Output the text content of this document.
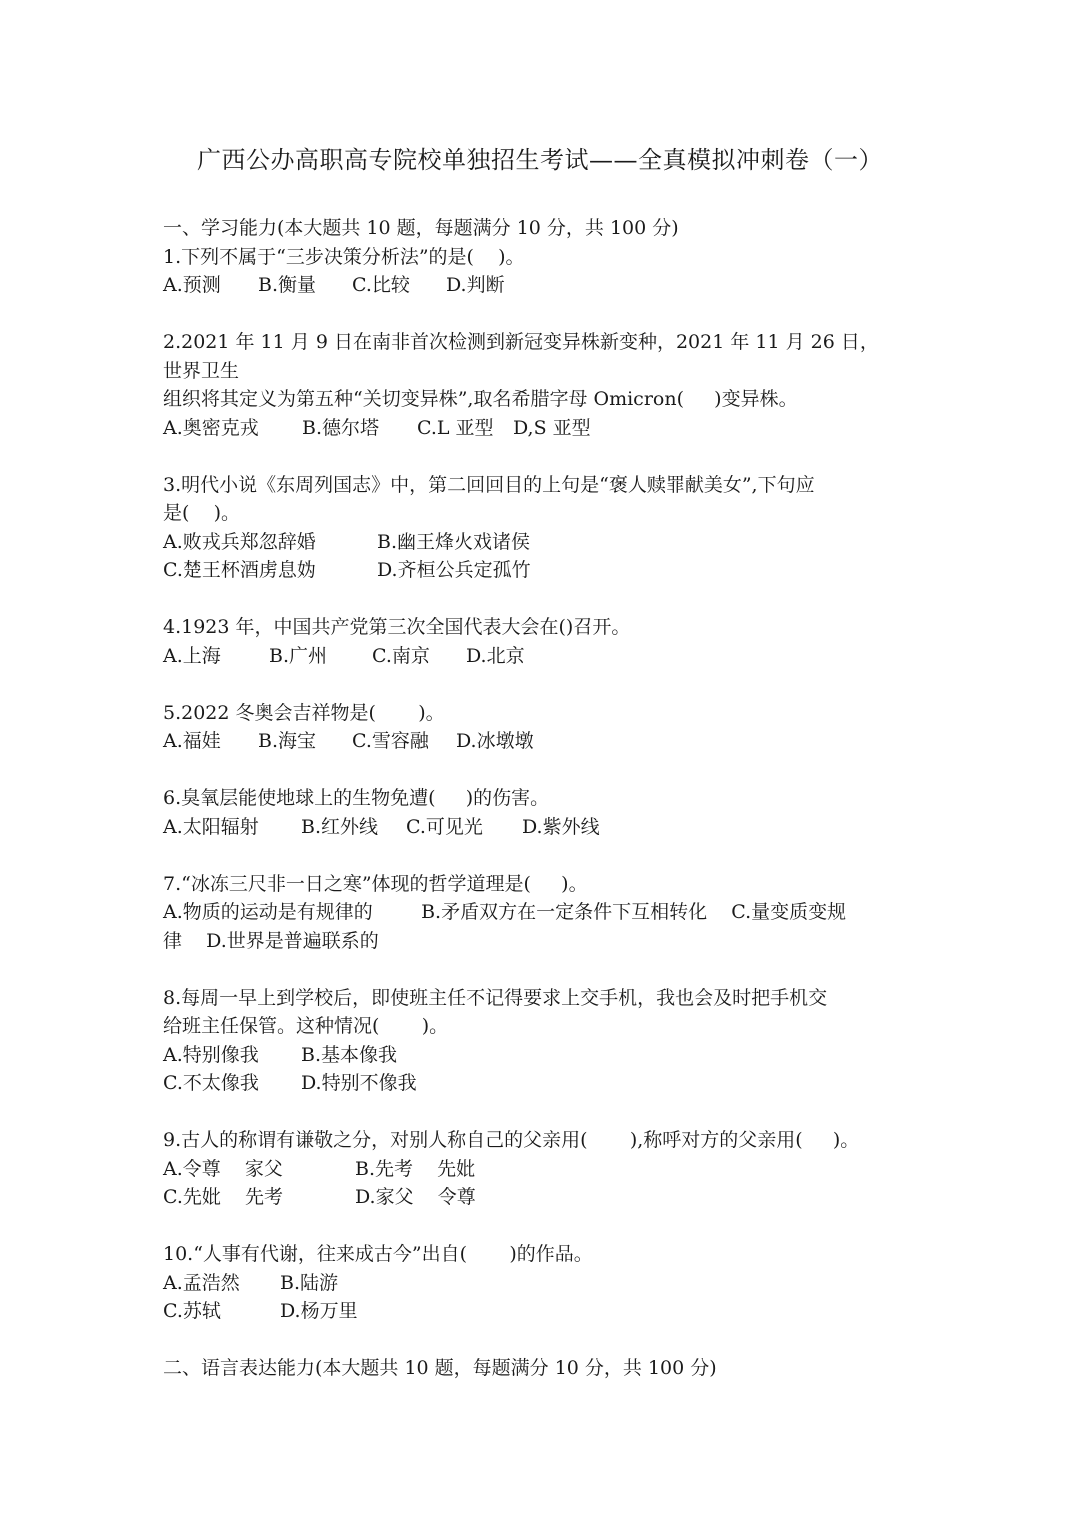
广西公办高职高专院校单独招生考试——全真模拟冲刺卷（一）
一、学习能力(本大题共 10 题，每题满分 10 分，共 100 分)
1.下列不属于“三步决策分析法”的是(    )。
A.预测	B.衡量	C.比较	D.判断
2.2021 年 11 月 9 日在南非首次检测到新冠变异株新变种，2021 年 11 月 26 日，
世界卫生
组织将其定义为第五种“关切变异株”,取名希腊字母 Omicron(     )变异株。
A.奥密克戎	B.德尔塔	C.L 亚型	D,S 亚型
3.明代小说《东周列国志》中，第二回回目的上句是“褒人赎罪献美女”,下句应
是(    )。
A.败戎兵郑忽辞婚	B.幽王烽火戏诸侯
C.楚王杯酒虏息妫	D.齐桓公兵定孤竹
4.1923 年，中国共产党第三次全国代表大会在()召开。
A.上海	B.广州	C.南京	D.北京
5.2022 冬奥会吉祥物是(       )。
A.福娃	B.海宝	C.雪容融	D.冰墩墩
6.臭氧层能使地球上的生物免遭(     )的伤害。
A.太阳辐射	B.红外线	C.可见光	D.紫外线
7.“冰冻三尺非一日之寒”体现的哲学道理是(     )。
A.物质的运动是有规律的        B.矛盾双方在一定条件下互相转化    C.量变质变规
律    D.世界是普遍联系的
8.每周一早上到学校后，即使班主任不记得要求上交手机，我也会及时把手机交
给班主任保管。这种情况(       )。
A.特别像我	B.基本像我
C.不太像我	D.特别不像我
9.古人的称谓有谦敬之分，对别人称自己的父亲用(       ),称呼对方的父亲用(     )。
A.令尊    家父	B.先考    先妣
C.先妣    先考	D.家父    令尊
10.“人事有代谢，往来成古今”出自(       )的作品。
A.孟浩然	B.陆游
C.苏轼	D.杨万里
二、语言表达能力(本大题共 10 题，每题满分 10 分，共 100 分)
